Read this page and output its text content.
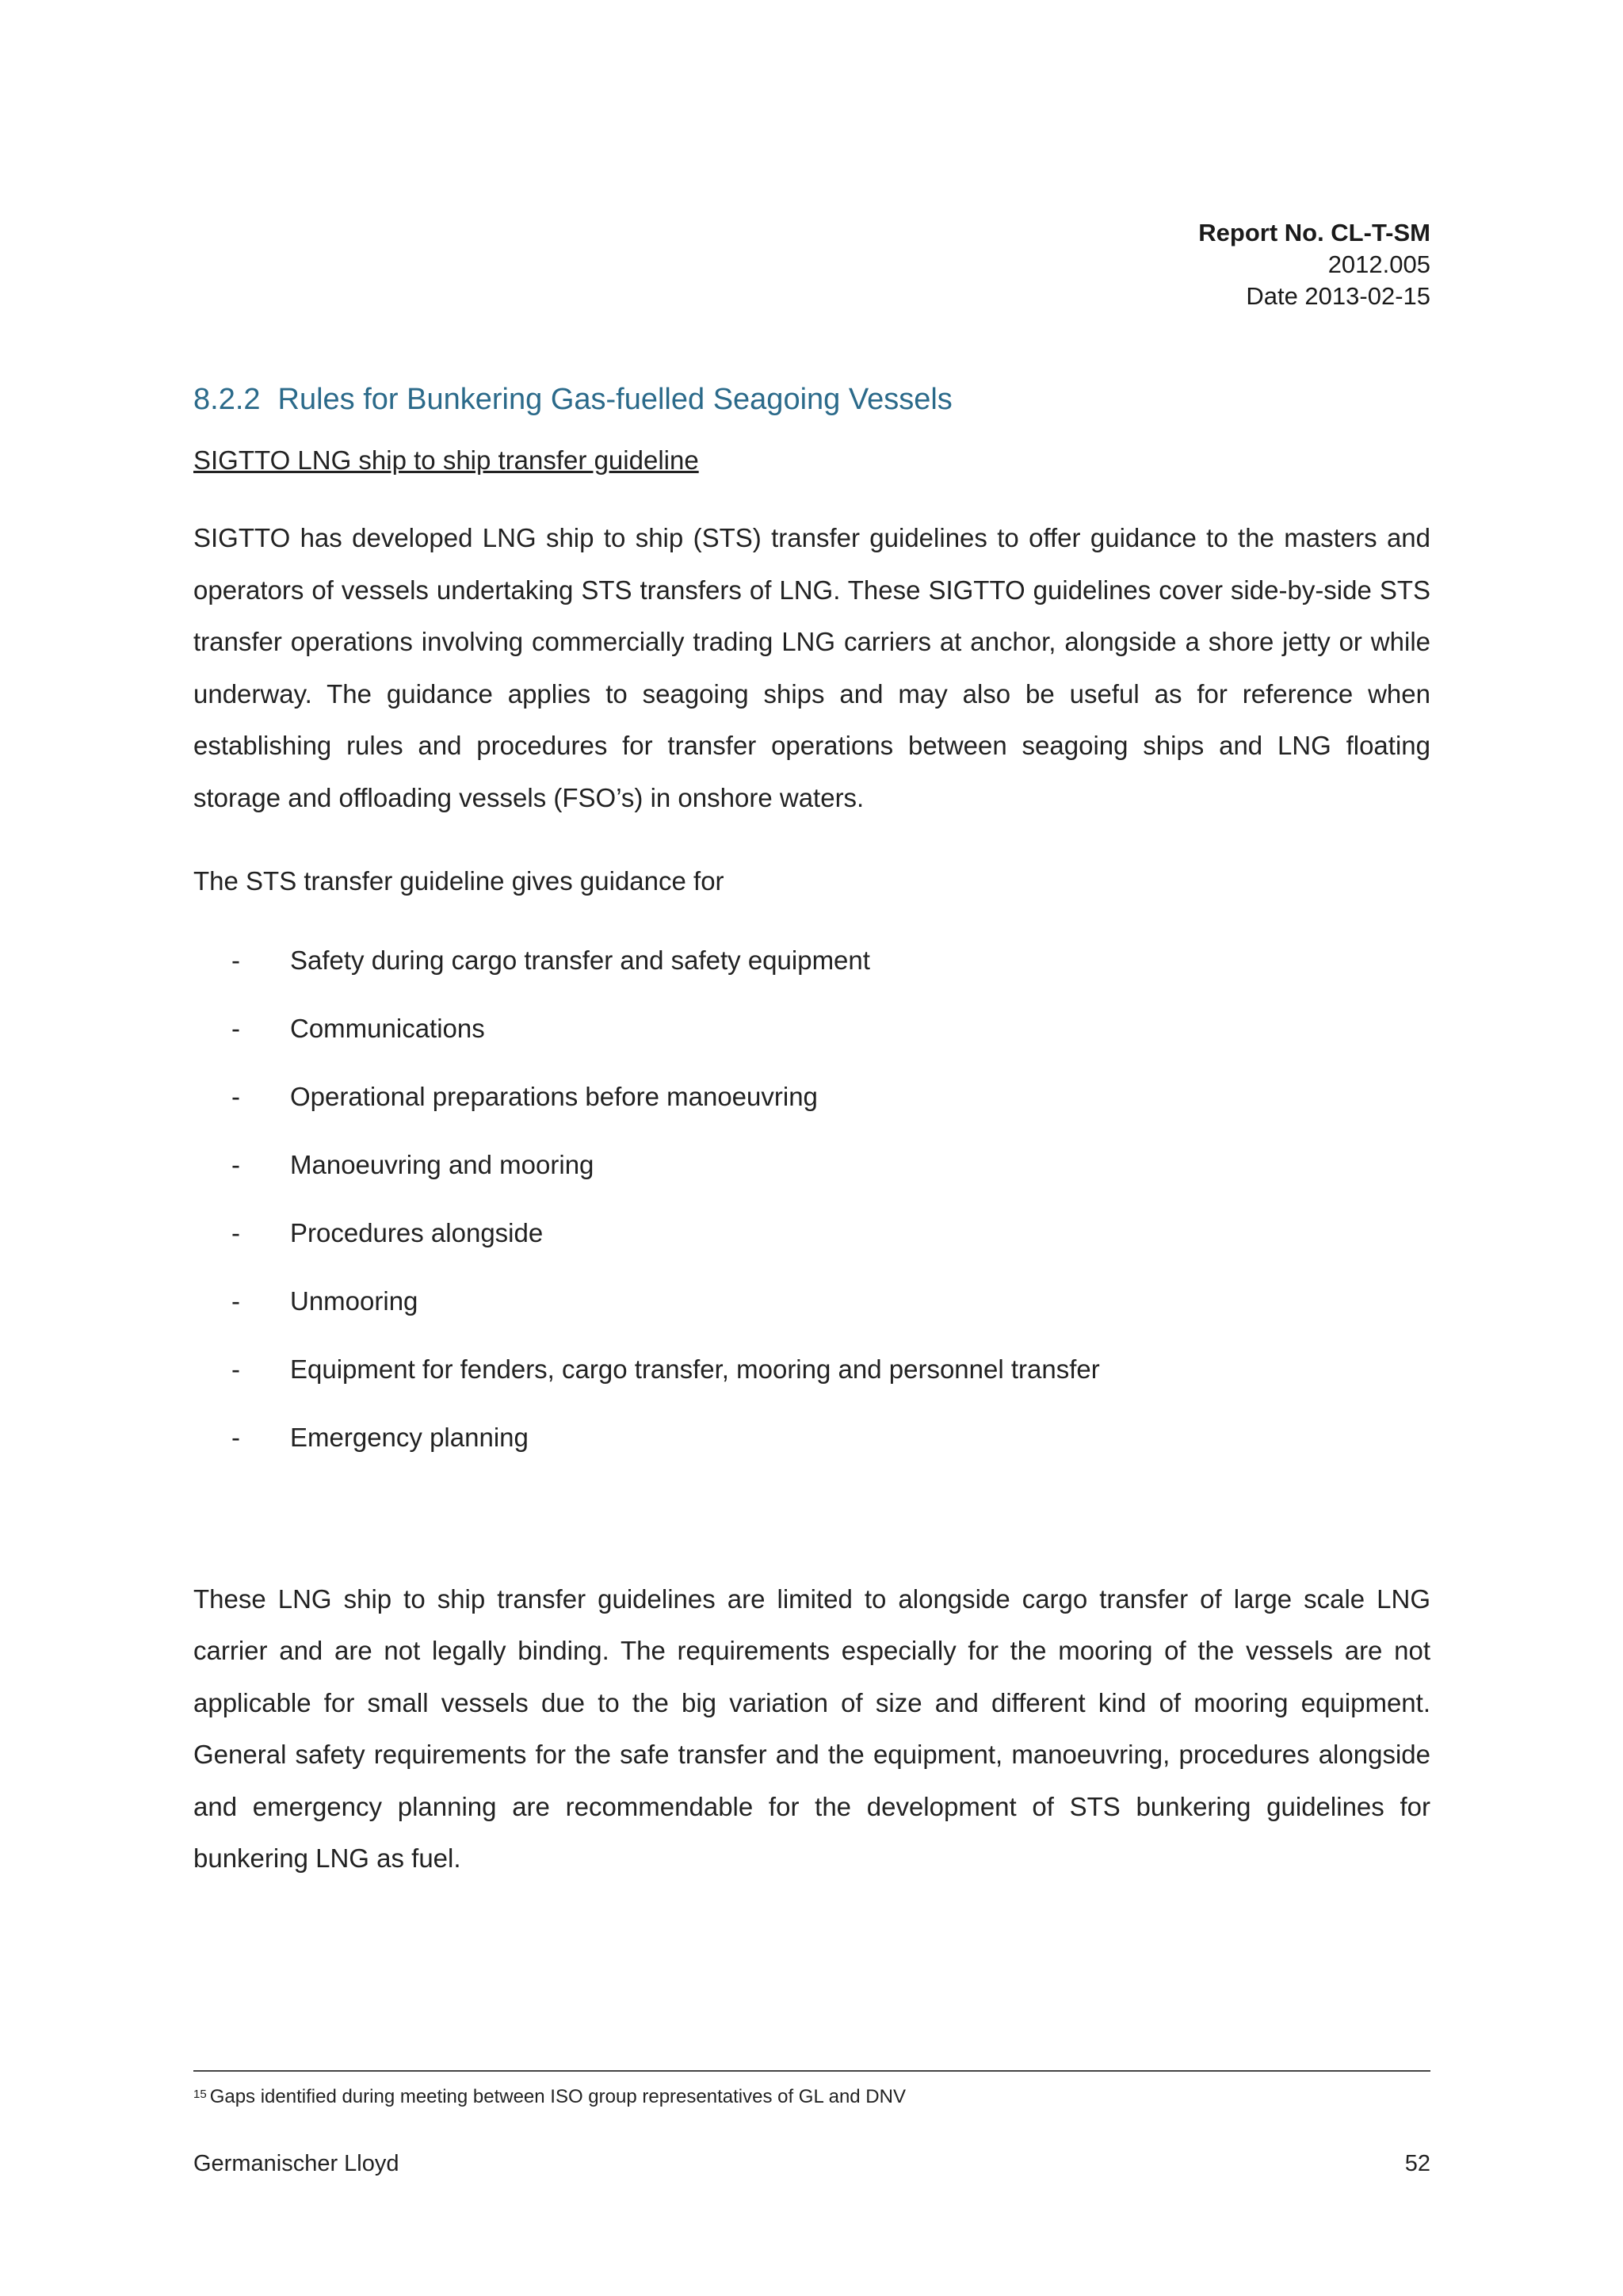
Report No. CL-T-SM
2012.005
Date 2013-02-15
8.2.2 Rules for Bunkering Gas-fuelled Seagoing Vessels
SIGTTO LNG ship to ship transfer guideline

SIGTTO has developed LNG ship to ship (STS) transfer guidelines to offer guidance to the masters and operators of vessels undertaking STS transfers of LNG. These SIGTTO guidelines cover side-by-side STS transfer operations involving commercially trading LNG carriers at anchor, alongside a shore jetty or while underway. The guidance applies to seagoing ships and may also be useful as for reference when establishing rules and procedures for transfer operations between seagoing ships and LNG floating storage and offloading vessels (FSO’s) in onshore waters.

The STS transfer guideline gives guidance for

- Safety during cargo transfer and safety equipment
- Communications
- Operational preparations before manoeuvring
- Manoeuvring and mooring
- Procedures alongside
- Unmooring
- Equipment for fenders, cargo transfer, mooring and personnel transfer
- Emergency planning

These LNG ship to ship transfer guidelines are limited to alongside cargo transfer of large scale LNG carrier and are not legally binding. The requirements especially for the mooring of the vessels are not applicable for small vessels due to the big variation of size and different kind of mooring equipment. General safety requirements for the safe transfer and the equipment, manoeuvring, procedures alongside and emergency planning are recommendable for the development of STS bunkering guidelines for bunkering LNG as fuel.

$^{15}$ Gaps identified during meeting between ISO group representatives of GL and DNV
Germanischer Lloyd	52
